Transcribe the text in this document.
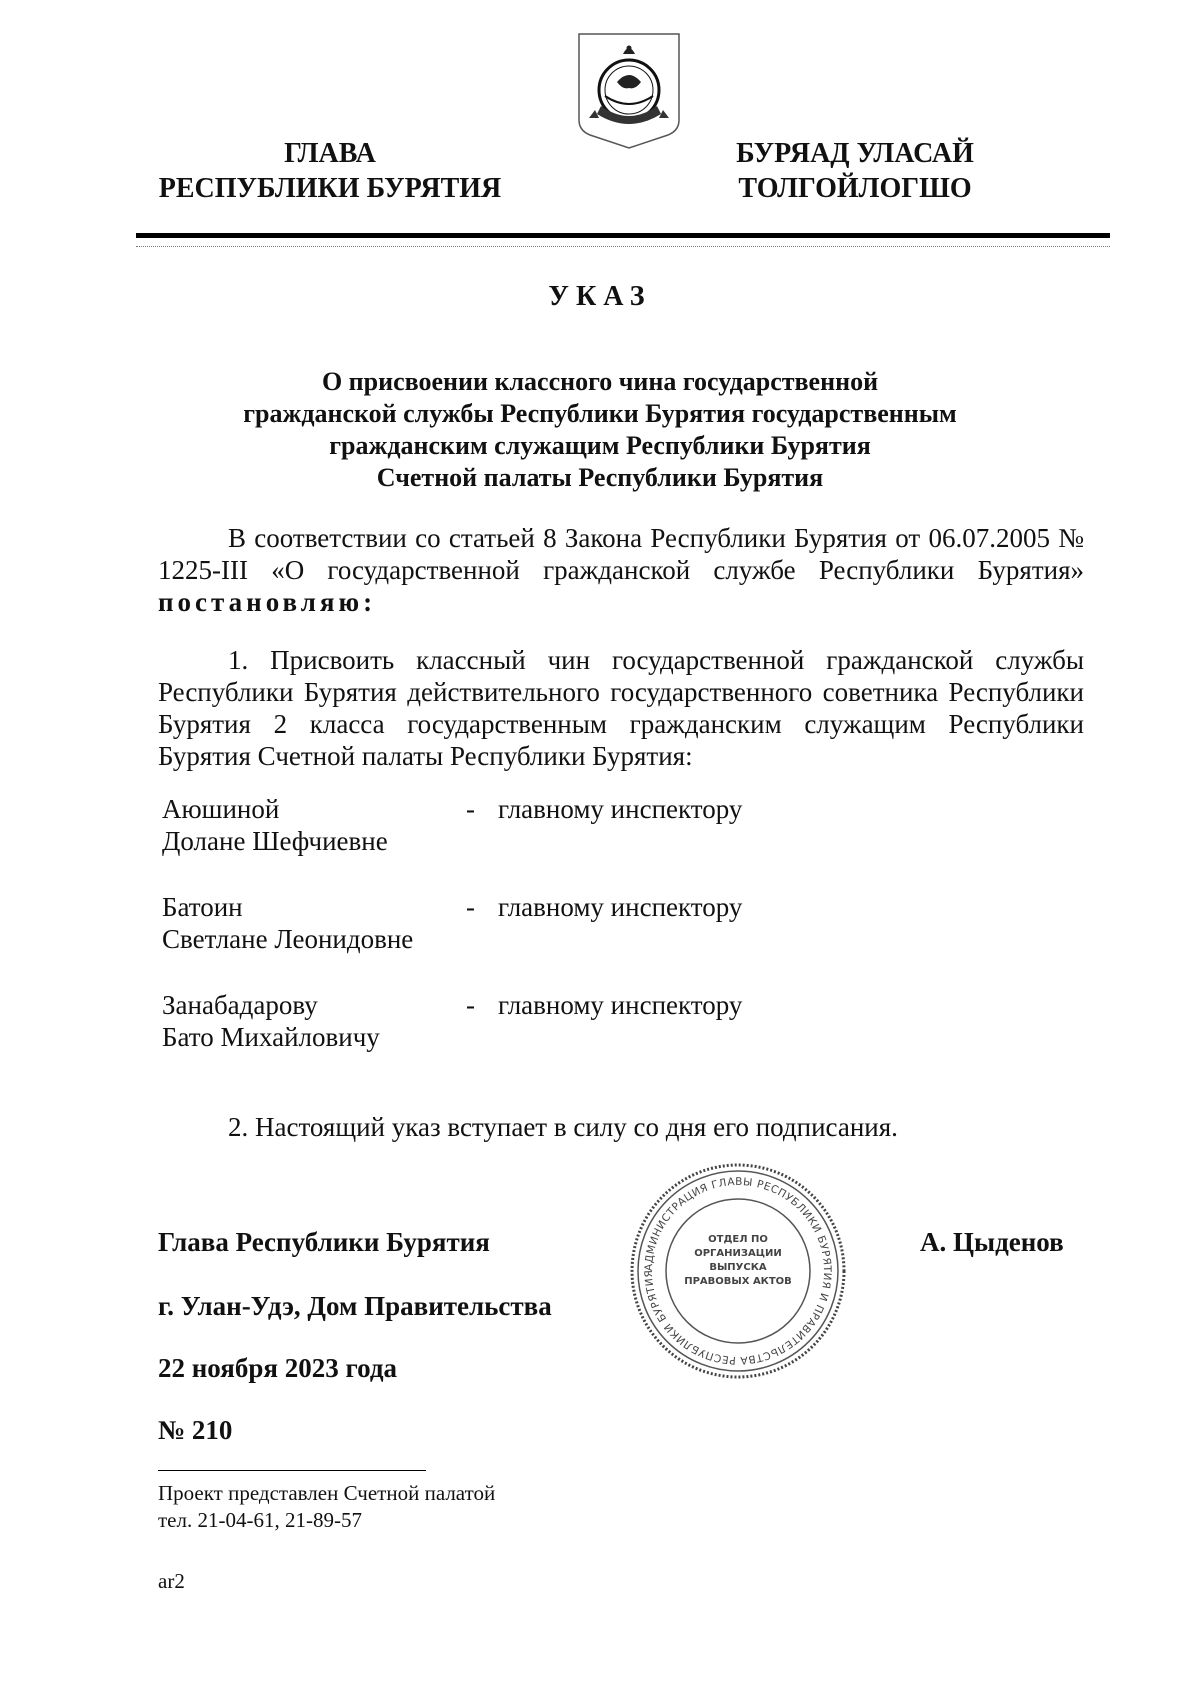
ГЛАВА
РЕСПУБЛИКИ БУРЯТИЯ
БУРЯАД УЛАСАЙ
ТОЛГОЙЛОГШО
УКАЗ
О присвоении классного чина государственной
гражданской службы Республики Бурятия государственным
гражданским служащим Республики Бурятия
Счетной палаты Республики Бурятия
В соответствии со статьей 8 Закона Республики Бурятия от 06.07.2005 № 1225-III «О государственной гражданской службе Республики Бурятия» постановляю:
1. Присвоить классный чин государственной гражданской службы Республики Бурятия действительного государственного советника Республики Бурятия 2 класса государственным гражданским служащим Республики Бурятия Счетной палаты Республики Бурятия:
Аюшиной
Долане Шефчиевне
- главному инспектору
Батоин
Светлане Леонидовне
- главному инспектору
Занабадарову
Бато Михайловичу
- главному инспектору
2. Настоящий указ вступает в силу со дня его подписания.
АДМИНИСТРАЦИЯ ГЛАВЫ РЕСПУБЛИКИ БУРЯТИЯ И ПРАВИТЕЛЬСТВА РЕСПУБЛИКИ БУРЯТИЯ
ОТДЕЛ ПО ОРГАНИЗАЦИИ ВЫПУСКА ПРАВОВЫХ АКТОВ
Глава Республики Бурятия	А. Цыденов
г. Улан-Удэ, Дом Правительства
22 ноября 2023 года
№ 210
Проект представлен Счетной палатой
тел. 21-04-61, 21-89-57
ar2
